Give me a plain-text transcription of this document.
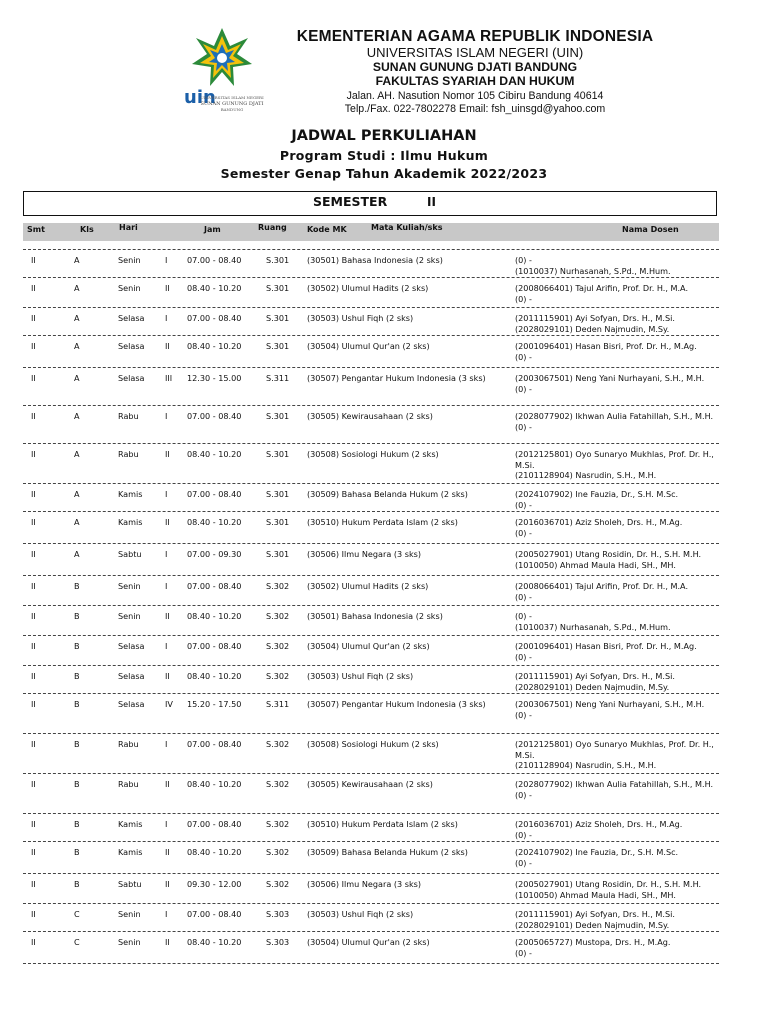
uin
UNIVERSITAS ISLAM NEGERI
SUNAN GUNUNG DJATI
BANDUNG
KEMENTERIAN AGAMA REPUBLIK INDONESIA
UNIVERSITAS ISLAM NEGERI (UIN)
SUNAN GUNUNG DJATI BANDUNG
FAKULTAS SYARIAH DAN HUKUM
Jalan. AH. Nasution Nomor 105 Cibiru Bandung 40614
Telp./Fax. 022-7802278 Email: fsh_uinsgd@yahoo.com
JADWAL PERKULIAHAN
Program Studi : Ilmu Hukum
Semester Genap Tahun Akademik 2022/2023
SEMESTER	II
Smt	Kls	Hari	Jam	Ruang	Kode MK	Mata Kuliah/sks	Nama Dosen
II	A	Senin	I 07.00 - 08.40	S.301 (30501) Bahasa Indonesia (2 sks)	(0) -
(1010037) Nurhasanah, S.Pd., M.Hum.
II	A	Senin	II 08.40 - 10.20	S.301 (30502) Ulumul Hadits (2 sks)	(2008066401) Tajul Arifin, Prof. Dr. H., M.A.
(0) -
II	A	Selasa	I 07.00 - 08.40	S.301 (30503) Ushul Fiqh (2 sks)	(2011115901) Ayi Sofyan, Drs. H., M.Si.
(2028029101) Deden Najmudin, M.Sy.
II	A	Selasa	II 08.40 - 10.20	S.301 (30504) Ulumul Qur'an (2 sks)	(2001096401) Hasan Bisri, Prof. Dr. H., M.Ag.
(0) -
II	A	Selasa	III 12.30 - 15.00	S.311 (30507) Pengantar Hukum Indonesia (3 sks)	(2003067501) Neng Yani Nurhayani, S.H., M.H.
(0) -
II	A	Rabu	I 07.00 - 08.40	S.301 (30505) Kewirausahaan (2 sks)	(2028077902) Ikhwan Aulia Fatahillah, S.H., M.H.
(0) -
II	A	Rabu	II 08.40 - 10.20	S.301 (30508) Sosiologi Hukum (2 sks)	(2012125801) Oyo Sunaryo Mukhlas, Prof. Dr. H., M.Si.
(2101128904) Nasrudin, S.H., M.H.
II	A	Kamis	I 07.00 - 08.40	S.301 (30509) Bahasa Belanda Hukum (2 sks)	(2024107902) Ine Fauzia, Dr., S.H. M.Sc.
(0) -
II	A	Kamis	II 08.40 - 10.20	S.301 (30510) Hukum Perdata Islam (2 sks)	(2016036701) Aziz Sholeh, Drs. H., M.Ag.
(0) -
II	A	Sabtu	I 07.00 - 09.30	S.301 (30506) Ilmu Negara (3 sks)	(2005027901) Utang Rosidin, Dr. H., S.H. M.H.
(1010050) Ahmad Maula Hadi, SH., MH.
II	B	Senin	I 07.00 - 08.40	S.302 (30502) Ulumul Hadits (2 sks)	(2008066401) Tajul Arifin, Prof. Dr. H., M.A.
(0) -
II	B	Senin	II 08.40 - 10.20	S.302 (30501) Bahasa Indonesia (2 sks)	(0) -
(1010037) Nurhasanah, S.Pd., M.Hum.
II	B	Selasa	I 07.00 - 08.40	S.302 (30504) Ulumul Qur'an (2 sks)	(2001096401) Hasan Bisri, Prof. Dr. H., M.Ag.
(0) -
II	B	Selasa	II 08.40 - 10.20	S.302 (30503) Ushul Fiqh (2 sks)	(2011115901) Ayi Sofyan, Drs. H., M.Si.
(2028029101) Deden Najmudin, M.Sy.
II	B	Selasa	IV 15.20 - 17.50	S.311 (30507) Pengantar Hukum Indonesia (3 sks)	(2003067501) Neng Yani Nurhayani, S.H., M.H.
(0) -
II	B	Rabu	I 07.00 - 08.40	S.302 (30508) Sosiologi Hukum (2 sks)	(2012125801) Oyo Sunaryo Mukhlas, Prof. Dr. H., M.Si.
(2101128904) Nasrudin, S.H., M.H.
II	B	Rabu	II 08.40 - 10.20	S.302 (30505) Kewirausahaan (2 sks)	(2028077902) Ikhwan Aulia Fatahillah, S.H., M.H.
(0) -
II	B	Kamis	I 07.00 - 08.40	S.302 (30510) Hukum Perdata Islam (2 sks)	(2016036701) Aziz Sholeh, Drs. H., M.Ag.
(0) -
II	B	Kamis	II 08.40 - 10.20	S.302 (30509) Bahasa Belanda Hukum (2 sks)	(2024107902) Ine Fauzia, Dr., S.H. M.Sc.
(0) -
II	B	Sabtu	II 09.30 - 12.00	S.302 (30506) Ilmu Negara (3 sks)	(2005027901) Utang Rosidin, Dr. H., S.H. M.H.
(1010050) Ahmad Maula Hadi, SH., MH.
II	C	Senin	I 07.00 - 08.40	S.303 (30503) Ushul Fiqh (2 sks)	(2011115901) Ayi Sofyan, Drs. H., M.Si.
(2028029101) Deden Najmudin, M.Sy.
II	C	Senin	II 08.40 - 10.20	S.303 (30504) Ulumul Qur'an (2 sks)	(2005065727) Mustopa, Drs. H., M.Ag.
(0) -
